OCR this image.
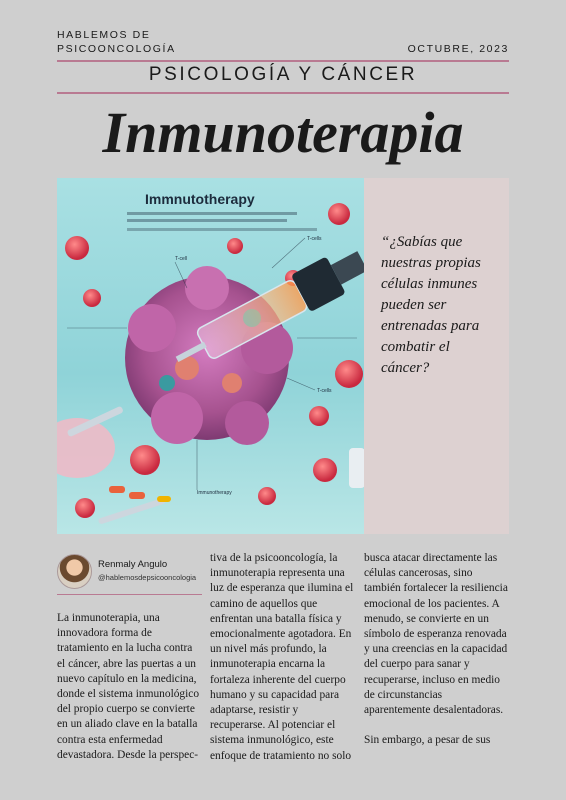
HABLEMOS DE PSICOONCOLOGÍA	OCTUBRE, 2023
PSICOLOGÍA Y CÁNCER
Inmunoterapia
Immnutotherapy
T-cells
T-cell
T-cells
Immunotherapy

“¿Sabías que nuestras propias células inmunes pueden ser entrenadas para combatir el cáncer?

Renmaly Angulo
@hablemosdepsicooncologia

La inmunoterapia, una innovadora forma de tratamiento en la lucha contra el cáncer, abre las puertas a un nuevo capítulo en la medicina, donde el sistema inmunológico del propio cuerpo se convierte en un aliado clave en la batalla contra esta enfermedad devastadora. Desde la perspec-

tiva de la psicooncología, la inmunoterapia representa una luz de esperanza que ilumina el camino de aquellos que enfrentan una batalla física y emocionalmente agotadora. En un nivel más profundo, la inmunoterapia encarna la fortaleza inherente del cuerpo humano y su capacidad para adaptarse, resistir y recuperarse. Al potenciar el sistema inmunológico, este enfoque de tratamiento no solo

busca atacar directamente las células cancerosas, sino también fortalecer la resiliencia emocional de los pacientes. A menudo, se convierte en un símbolo de esperanza renovada y una creencias en la capacidad del cuerpo para sanar y recuperarse, incluso en medio de circunstancias aparentemente desalentadoras.

Sin embargo, a pesar de sus
